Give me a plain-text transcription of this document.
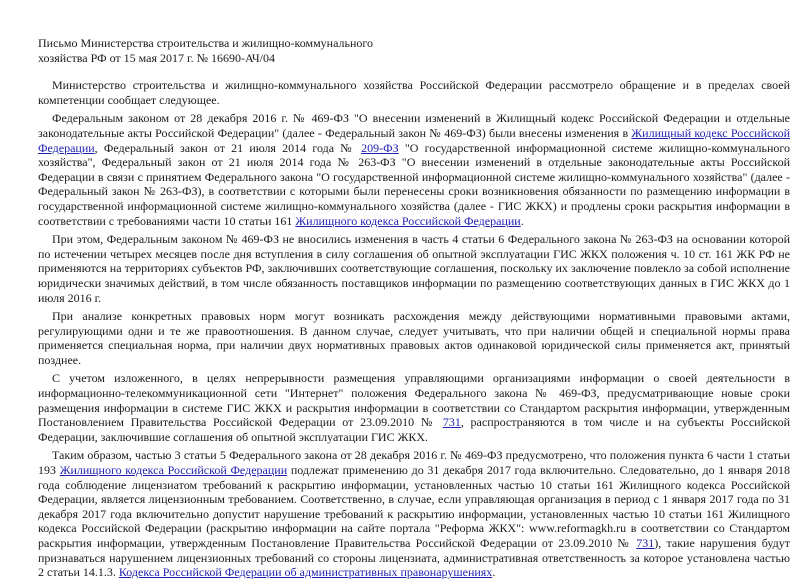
Письмо Министерства строительства и жилищно-коммунального
хозяйства РФ от 15 мая 2017 г. № 16690-АЧ/04

Министерство строительства и жилищно-коммунального хозяйства Российской Федерации рассмотрело обращение и в пределах своей компетенции сообщает следующее.

Федеральным законом от 28 декабря 2016 г. № 469-ФЗ "О внесении изменений в Жилищный кодекс Российской Федерации и отдельные законодательные акты Российской Федерации" (далее - Федеральный закон № 469-ФЗ) были внесены изменения в Жилищный кодекс Российской Федерации, Федеральный закон от 21 июля 2014 года № 209-ФЗ "О государственной информационной системе жилищно-коммунального хозяйства", Федеральный закон от 21 июля 2014 года № 263-ФЗ "О внесении изменений в отдельные законодательные акты Российской Федерации в связи с принятием Федерального закона "О государственной информационной системе жилищно-коммунального хозяйства" (далее - Федеральный закон № 263-ФЗ), в соответствии с которыми были перенесены сроки возникновения обязанности по размещению информации в государственной информационной системе жилищно-коммунального хозяйства (далее - ГИС ЖКХ) и продлены сроки раскрытия информации в соответствии с требованиями части 10 статьи 161 Жилищного кодекса Российской Федерации.

При этом, Федеральным законом № 469-ФЗ не вносились изменения в часть 4 статьи 6 Федерального закона № 263-ФЗ на основании которой по истечении четырех месяцев после дня вступления в силу соглашения об опытной эксплуатации ГИС ЖКХ положения ч. 10 ст. 161 ЖК РФ не применяются на территориях субъектов РФ, заключивших соответствующие соглашения, поскольку их заключение повлекло за собой исполнение юридически значимых действий, в том числе обязанность поставщиков информации по размещению соответствующих данных в ГИС ЖКХ до 1 июля 2016 г.

При анализе конкретных правовых норм могут возникать расхождения между действующими нормативными правовыми актами, регулирующими одни и те же правоотношения. В данном случае, следует учитывать, что при наличии общей и специальной нормы права применяется специальная норма, при наличии двух нормативных правовых актов одинаковой юридической силы применяется акт, принятый позднее.

С учетом изложенного, в целях непрерывности размещения управляющими организациями информации о своей деятельности в информационно-телекоммуникационной сети "Интернет" положения Федерального закона № 469-ФЗ, предусматривающие новые сроки размещения информации в системе ГИС ЖКХ и раскрытия информации в соответствии со Стандартом раскрытия информации, утвержденным Постановлением Правительства Российской Федерации от 23.09.2010 № 731, распространяются в том числе и на субъекты Российской Федерации, заключившие соглашения об опытной эксплуатации ГИС ЖКХ.

Таким образом, частью 3 статьи 5 Федерального закона от 28 декабря 2016 г. № 469-ФЗ предусмотрено, что положения пункта 6 части 1 статьи 193 Жилищного кодекса Российской Федерации подлежат применению до 31 декабря 2017 года включительно. Следовательно, до 1 января 2018 года соблюдение лицензиатом требований к раскрытию информации, установленных частью 10 статьи 161 Жилищного кодекса Российской Федерации, является лицензионным требованием. Соответственно, в случае, если управляющая организация в период с 1 января 2017 года по 31 декабря 2017 года включительно допустит нарушение требований к раскрытию информации, установленных частью 10 статьи 161 Жилищного кодекса Российской Федерации (раскрытию информации на сайте портала "Реформа ЖКХ": www.reformagkh.ru в соответствии со Стандартом раскрытия информации, утвержденным Постановление Правительства Российской Федерации от 23.09.2010 № 731), такие нарушения будут признаваться нарушением лицензионных требований со стороны лицензиата, административная ответственность за которое установлена частью 2 статьи 14.1.3. Кодекса Российской Федерации об административных правонарушениях.
